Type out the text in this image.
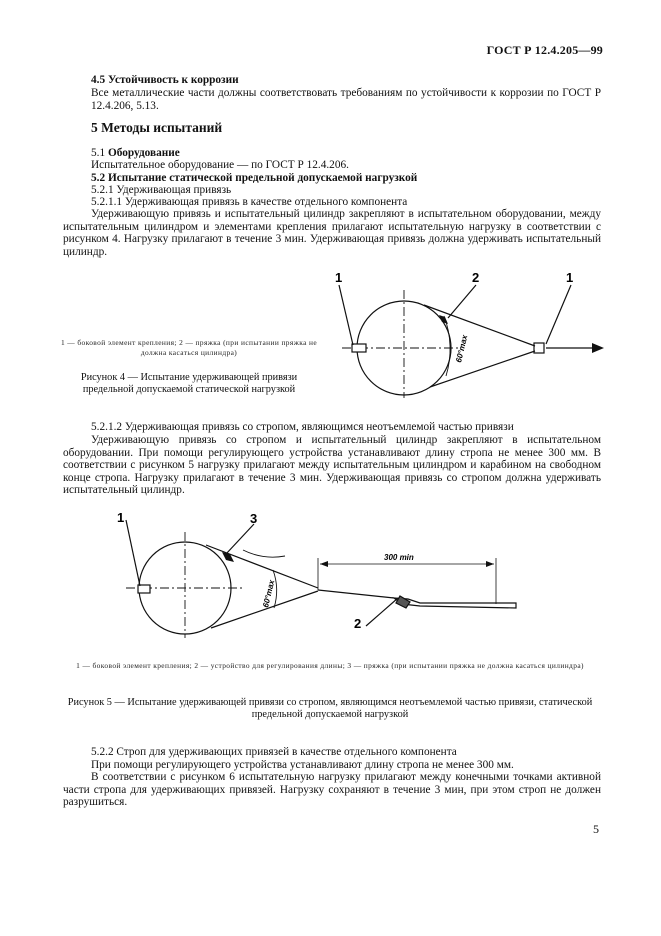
ГОСТ Р 12.4.205—99
4.5 Устойчивость к коррозии
Все металлические части должны соответствовать требованиям по устойчивости к коррозии по ГОСТ Р 12.4.206, 5.13.
5 Методы испытаний
5.1 Оборудование
Испытательное оборудование — по ГОСТ Р 12.4.206.
5.2 Испытание статической предельной допускаемой нагрузкой
5.2.1 Удерживающая привязь
5.2.1.1 Удерживающая привязь в качестве отдельного компонента
Удерживающую привязь и испытательный цилиндр закрепляют в испытательном оборудовании, между испытательным цилиндром и элементами крепления прилагают испытательную нагрузку в соответствии с рисунком 4. Нагрузку прилагают в течение 3 мин. Удерживающая привязь должна удерживать испытательный цилиндр.
1	2	1
60°max
1 — боковой элемент крепления; 2 — пряжка (при испытании пряжка не должна касаться цилиндра)
Рисунок 4 — Испытание удерживающей привязи предельной допускаемой статической нагрузкой
5.2.1.2 Удерживающая привязь со стропом, являющимся неотъемлемой частью привязи
Удерживающую привязь со стропом и испытательный цилиндр закрепляют в испытательном оборудовании. При помощи регулирующего устройства устанавливают длину стропа не менее 300 мм. В соответствии с рисунком 5 нагрузку прилагают между испытательным цилиндром и карабином на свободном конце стропа. Нагрузку прилагают в течение 3 мин. Удерживающая привязь со стропом должна удерживать испытательный цилиндр.
1	3
2
60°max
300 min
1 — боковой элемент крепления; 2 — устройство для регулирования длины; 3 — пряжка (при испытании пряжка не должна касаться цилиндра)
Рисунок 5 — Испытание удерживающей привязи со стропом, являющимся неотъемлемой частью привязи, статической предельной допускаемой нагрузкой
5.2.2 Строп для удерживающих привязей в качестве отдельного компонента
При помощи регулирующего устройства устанавливают длину стропа не менее 300 мм.
В соответствии с рисунком 6 испытательную нагрузку прилагают между конечными точками активной части стропа для удерживающих привязей. Нагрузку сохраняют в течение 3 мин, при этом строп не должен разрушиться.
5
